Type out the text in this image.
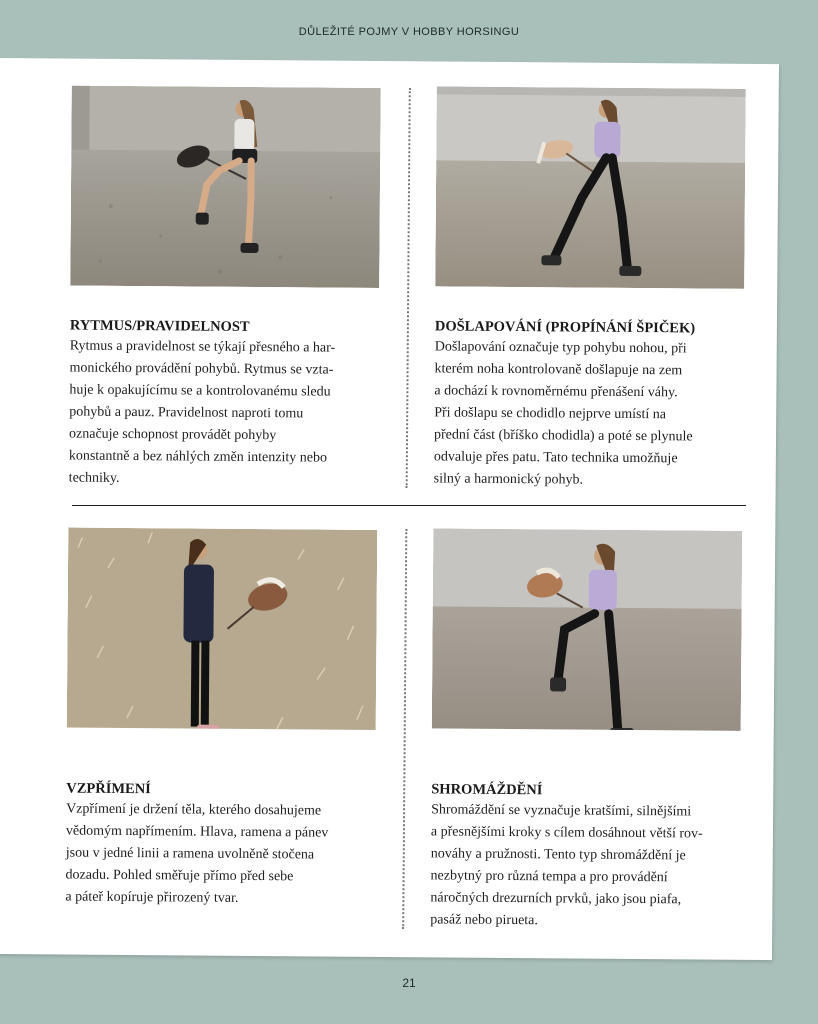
DŮLEŽITÉ POJMY V HOBBY HORSINGU
RYTMUS/PRAVIDELNOST
Rytmus a pravidelnost se týkají přesného a har-
monického provádění pohybů. Rytmus se vzta-
huje k opakujícímu se a kontrolovanému sledu
pohybů a pauz. Pravidelnost naproti tomu
označuje schopnost provádět pohyby
konstantně a bez náhlých změn intenzity nebo
techniky.
DOŠLAPOVÁNÍ (PROPÍNÁNÍ ŠPIČEK)
Došlapování označuje typ pohybu nohou, při
kterém noha kontrolovaně došlapuje na zem
a dochází k rovnoměrnému přenášení váhy.
Při došlapu se chodidlo nejprve umístí na
přední část (bříško chodidla) a poté se plynule
odvaluje přes patu. Tato technika umožňuje
silný a harmonický pohyb.
VZPŘÍMENÍ
Vzpřímení je držení těla, kterého dosahujeme
vědomým napřímením. Hlava, ramena a pánev
jsou v jedné linii a ramena uvolněně stočena
dozadu. Pohled směřuje přímo před sebe
a páteř kopíruje přirozený tvar.
SHROMÁŽDĚNÍ
Shromáždění se vyznačuje kratšími, silnějšími
a přesnějšími kroky s cílem dosáhnout větší rov-
nováhy a pružnosti. Tento typ shromáždění je
nezbytný pro různá tempa a pro provádění
náročných drezurních prvků, jako jsou piafa,
pasáž nebo pirueta.
21
